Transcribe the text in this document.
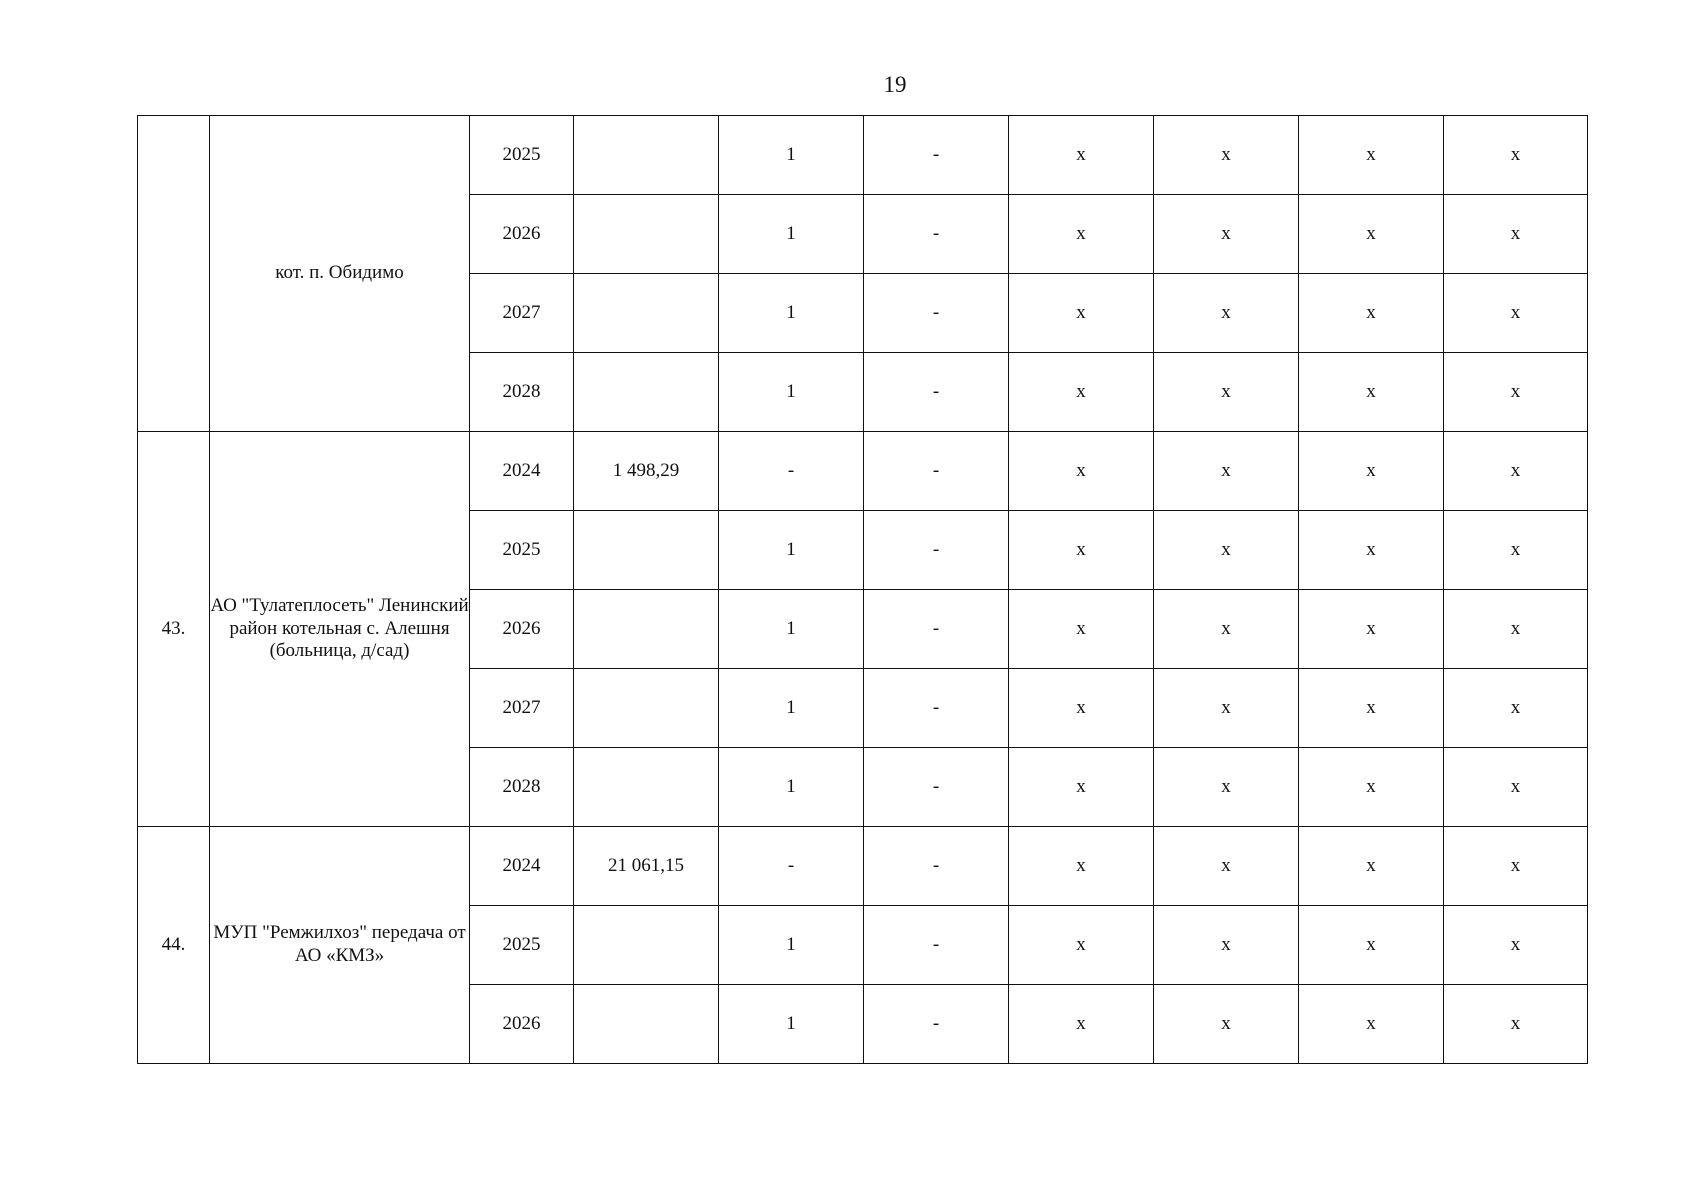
19
	кот. п. Обидимо	2025		1	-	х	х	х	х
		2026		1	-	х	х	х	х
		2027		1	-	х	х	х	х
		2028		1	-	х	х	х	х
43.	АО "Тулатеплосеть" Ленинский район котельная с. Алешня (больница, д/сад)	2024	1 498,29	-	-	х	х	х	х
		2025		1	-	х	х	х	х
		2026		1	-	х	х	х	х
		2027		1	-	х	х	х	х
		2028		1	-	х	х	х	х
44.	МУП "Ремжилхоз" передача от АО «КМЗ»	2024	21 061,15	-	-	х	х	х	х
		2025		1	-	х	х	х	х
		2026		1	-	х	х	х	х
